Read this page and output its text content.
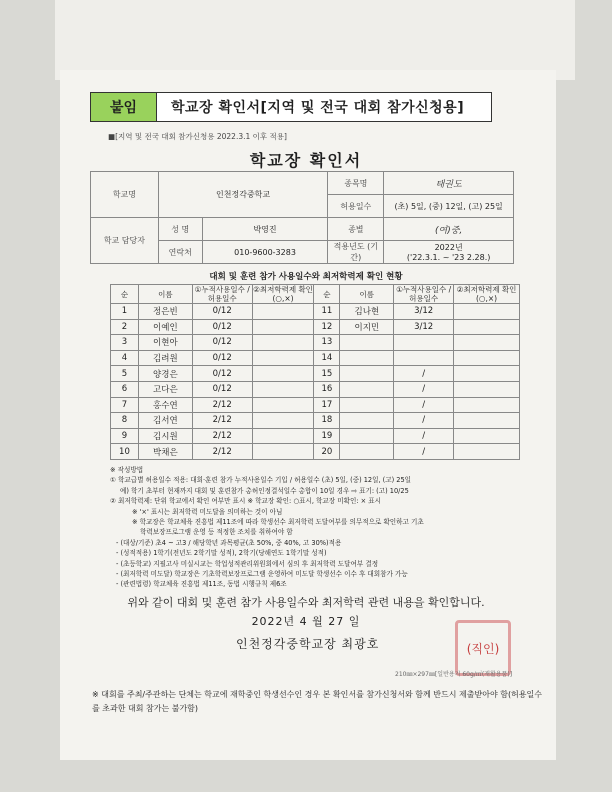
붙임	학교장 확인서[지역 및 전국 대회 참가신청용]
■[지역 및 전국 대회 참가신청용 2022.3.1 이후 적용]
학교장 확인서
학교명	인천정각중학교		종목명	태권도
			허용일수	(초) 5일, (중) 12일, (고) 25일
학교 담당자	성 명	박영진	종별	(여)중,
	연락처	010-9600-3283	적용년도 (기간)	2022년
('22.3.1. ~ '23 2.28.)
대회 및 훈련 참가 사용일수와 최저학력제 확인 현황
순	이름	①누적사용일수 /허용일수	②최저학력제 확인(○,×)	순	이름	①누적사용일수 /허용일수	②최저학력제 확인(○,×)
1	정은빈	0/12		11	김나현	3/12	
2	이예인	0/12		12	이지민	3/12	
3	이현아	0/12		13			
4	김려원	0/12		14			
5	양경은	0/12		15		/	
6	고다은	0/12		16		/	
7	홍수연	2/12		17		/	
8	김서연	2/12		18		/	
9	김시원	2/12		19		/	
10	박채은	2/12		20		/	
※ 작성방법
① 학교급별 허용일수 적용: 대회·훈련 참가 누적사용일수 기입 / 허용일수 (초) 5일, (중) 12일, (고) 25일
예) 학기 초부터 현재까지 대회 및 훈련참가 총허인정결석일수 총합이 10일 경우 ⇨ 표기: (고) 10/25
② 최저학력제: 단위 학교에서 확인 여부만 표시 ※ 학교장 확인: ○표시, 학교장 미확인: × 표시
※ '×' 표시는 최저학력 미도달을 의미하는 것이 아님
※ 학교장은 학교체육 진흥법 제11조에 따라 학생선수 최저학력 도달여부를 의무적으로 확인하고 기초
학력보장프로그램 운영 등 적정한 조치를 취하여야 함
- (대상/기준) 초4 ~ 고3 / 해당학년 과목평균(초 50%, 중 40%, 고 30%)적용
- (성적적용) 1학기(전년도 2학기말 성적), 2학기(당해연도 1학기말 성적)
- (초등학교) 지필고사 미실시교는 학업성적관리위원회에서 심의 후 최저학력 도달여부 결정
- (최저학력 미도달) 학교장은 기초학력보장프로그램 운영하여 미도달 학생선수 이수 후 대회참가 가능
- (관련법령) 학교체육 진흥법 제11조, 동법 시행규칙 제6조
위와 같이 대회 및 훈련 참가 사용일수와 최저학력 관련 내용을 확인합니다.
2022년 4 월 27 일
인천정각중학교장 최광호	(직인)
210㎜×297㎜[일반용지 60g/㎡(재활용품)]
※ 대회를 주최/주관하는 단체는 학교에 재학중인 학생선수인 경우 본 확인서를 참가신청서와 함께 반드시 제출받아야 함(허용일수를 초과한 대회 참가는 불가함)
